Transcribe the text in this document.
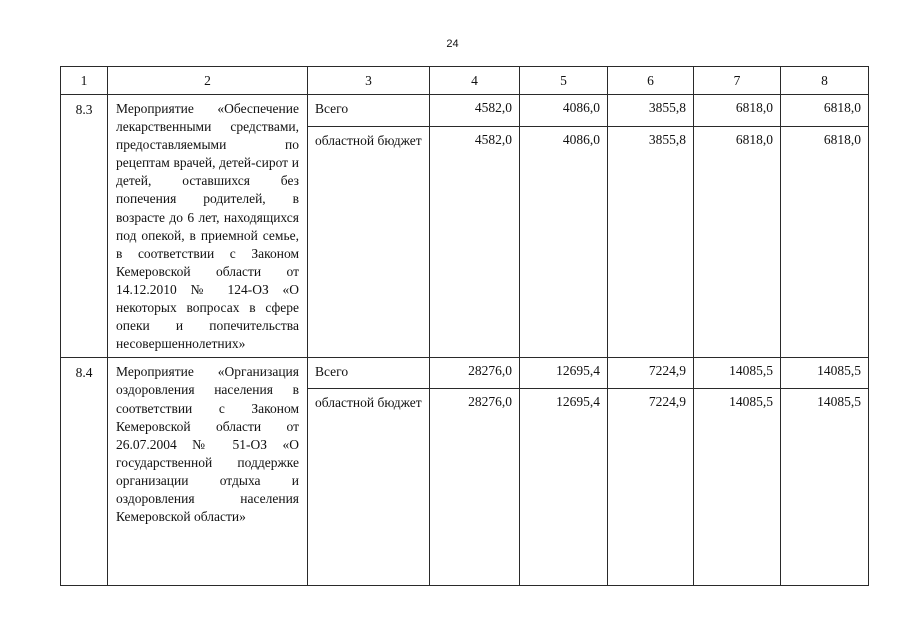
24
1	2	3	4	5	6	7	8
8.3	Мероприятие «Обеспечение лекарственными средствами, предоставляемыми по рецептам врачей, детей-сирот и детей, оставшихся без попечения родителей, в возрасте до 6 лет, находящихся под опекой, в приемной семье, в соответствии с Законом Кемеровской области от 14.12.2010 № 124-ОЗ «О некоторых вопросах в сфере опеки и попечительства несовершеннолетних»	Всего	4582,0	4086,0	3855,8	6818,0	6818,0
		областной бюджет	4582,0	4086,0	3855,8	6818,0	6818,0
8.4	Мероприятие «Организация оздоровления населения в соответствии с Законом Кемеровской области от 26.07.2004 № 51-ОЗ «О государственной поддержке организации отдыха и оздоровления населения Кемеровской области»	Всего	28276,0	12695,4	7224,9	14085,5	14085,5
		областной бюджет	28276,0	12695,4	7224,9	14085,5	14085,5
